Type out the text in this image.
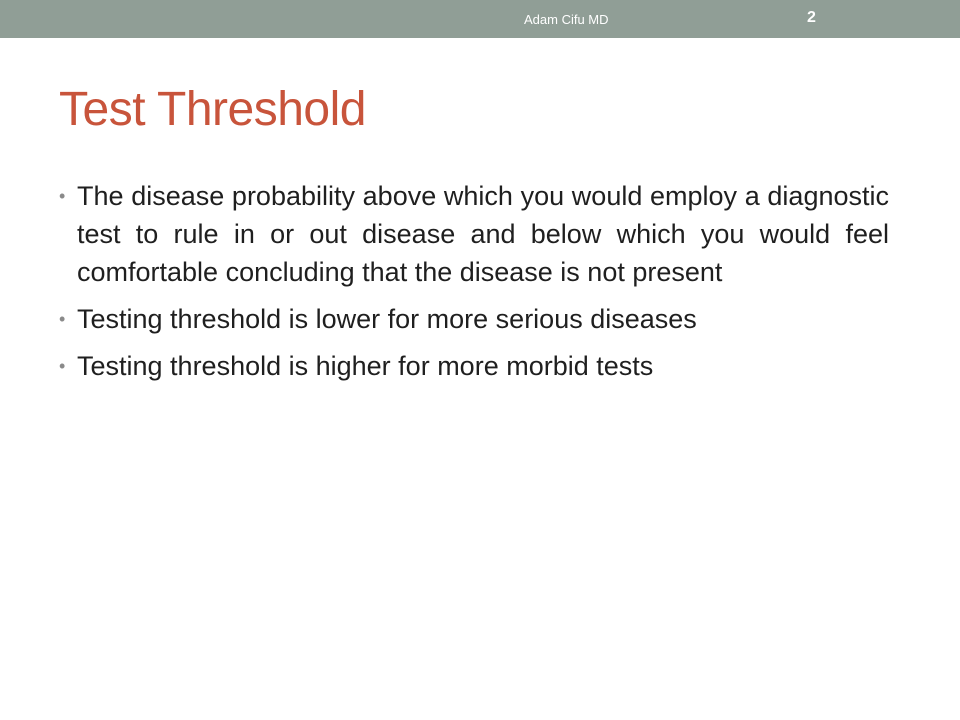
Adam Cifu MD	2
Test Threshold
• The disease probability above which you would employ a diagnostic test to rule in or out disease and below which you would feel comfortable concluding that the disease is not present
• Testing threshold is lower for more serious diseases
• Testing threshold is higher for more morbid tests
